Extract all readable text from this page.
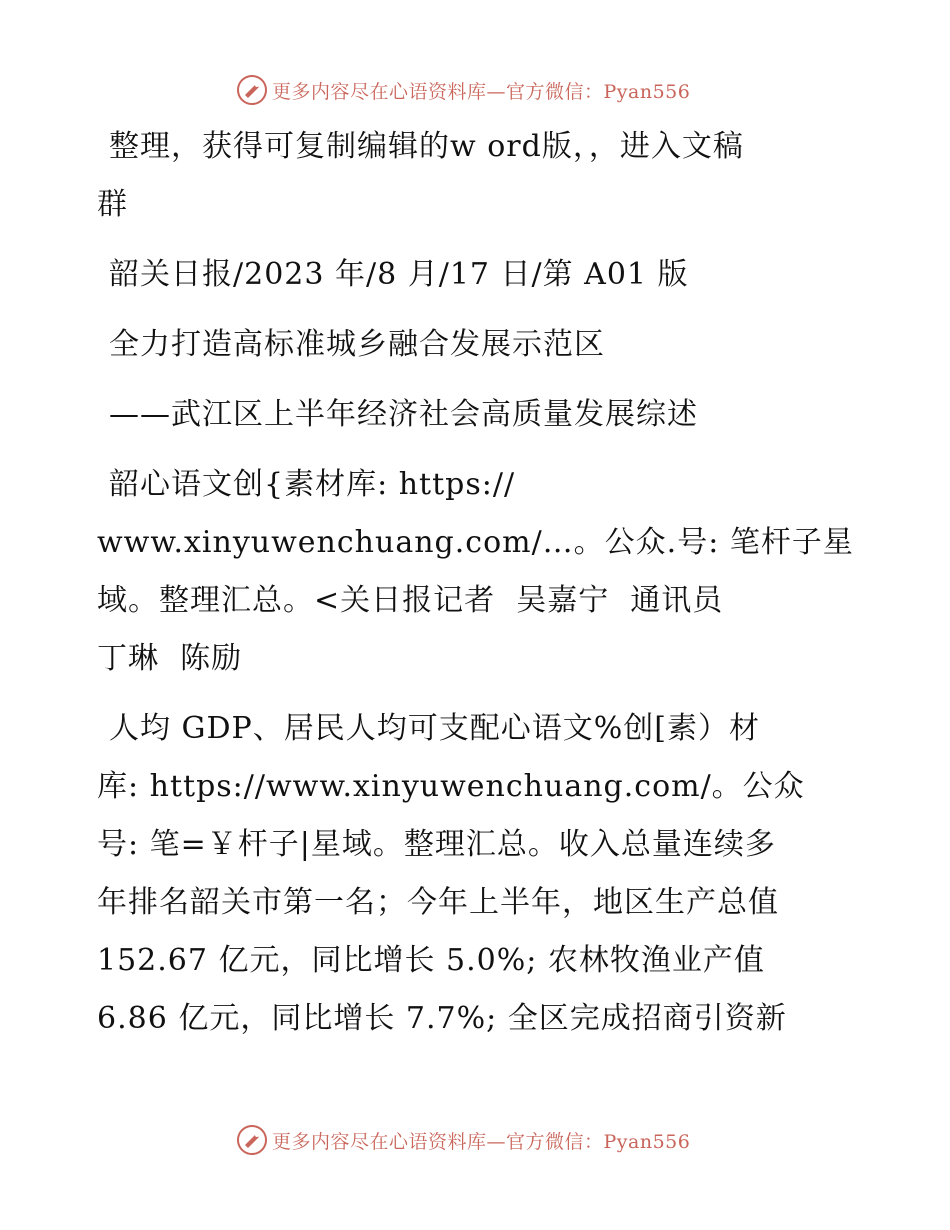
更多内容尽在心语资料库—官方微信：Pyan556

整理，获得可复制编辑的w ord版，，进入文稿

群

韶关日报/2023 年/8 月/17 日/第 A01 版

全力打造高标准城乡融合发展示范区

——武江区上半年经济社会高质量发展综述

韶心语文创{素材库: https://

www.xinyuwenchuang.com/…。公众.号: 笔杆子星

域。整理汇总。<关日报记者  吴嘉宁  通讯员

丁琳  陈励

人均 GDP、居民人均可支配心语文%创[素）材

库: https://www.xinyuwenchuang.com/。公众

号: 笔=￥杆子|星域。整理汇总。收入总量连续多

年排名韶关市第一名；今年上半年，地区生产总值

152.67 亿元，同比增长 5.0%; 农林牧渔业产值

6.86 亿元，同比增长 7.7%; 全区完成招商引资新

更多内容尽在心语资料库—官方微信：Pyan556
